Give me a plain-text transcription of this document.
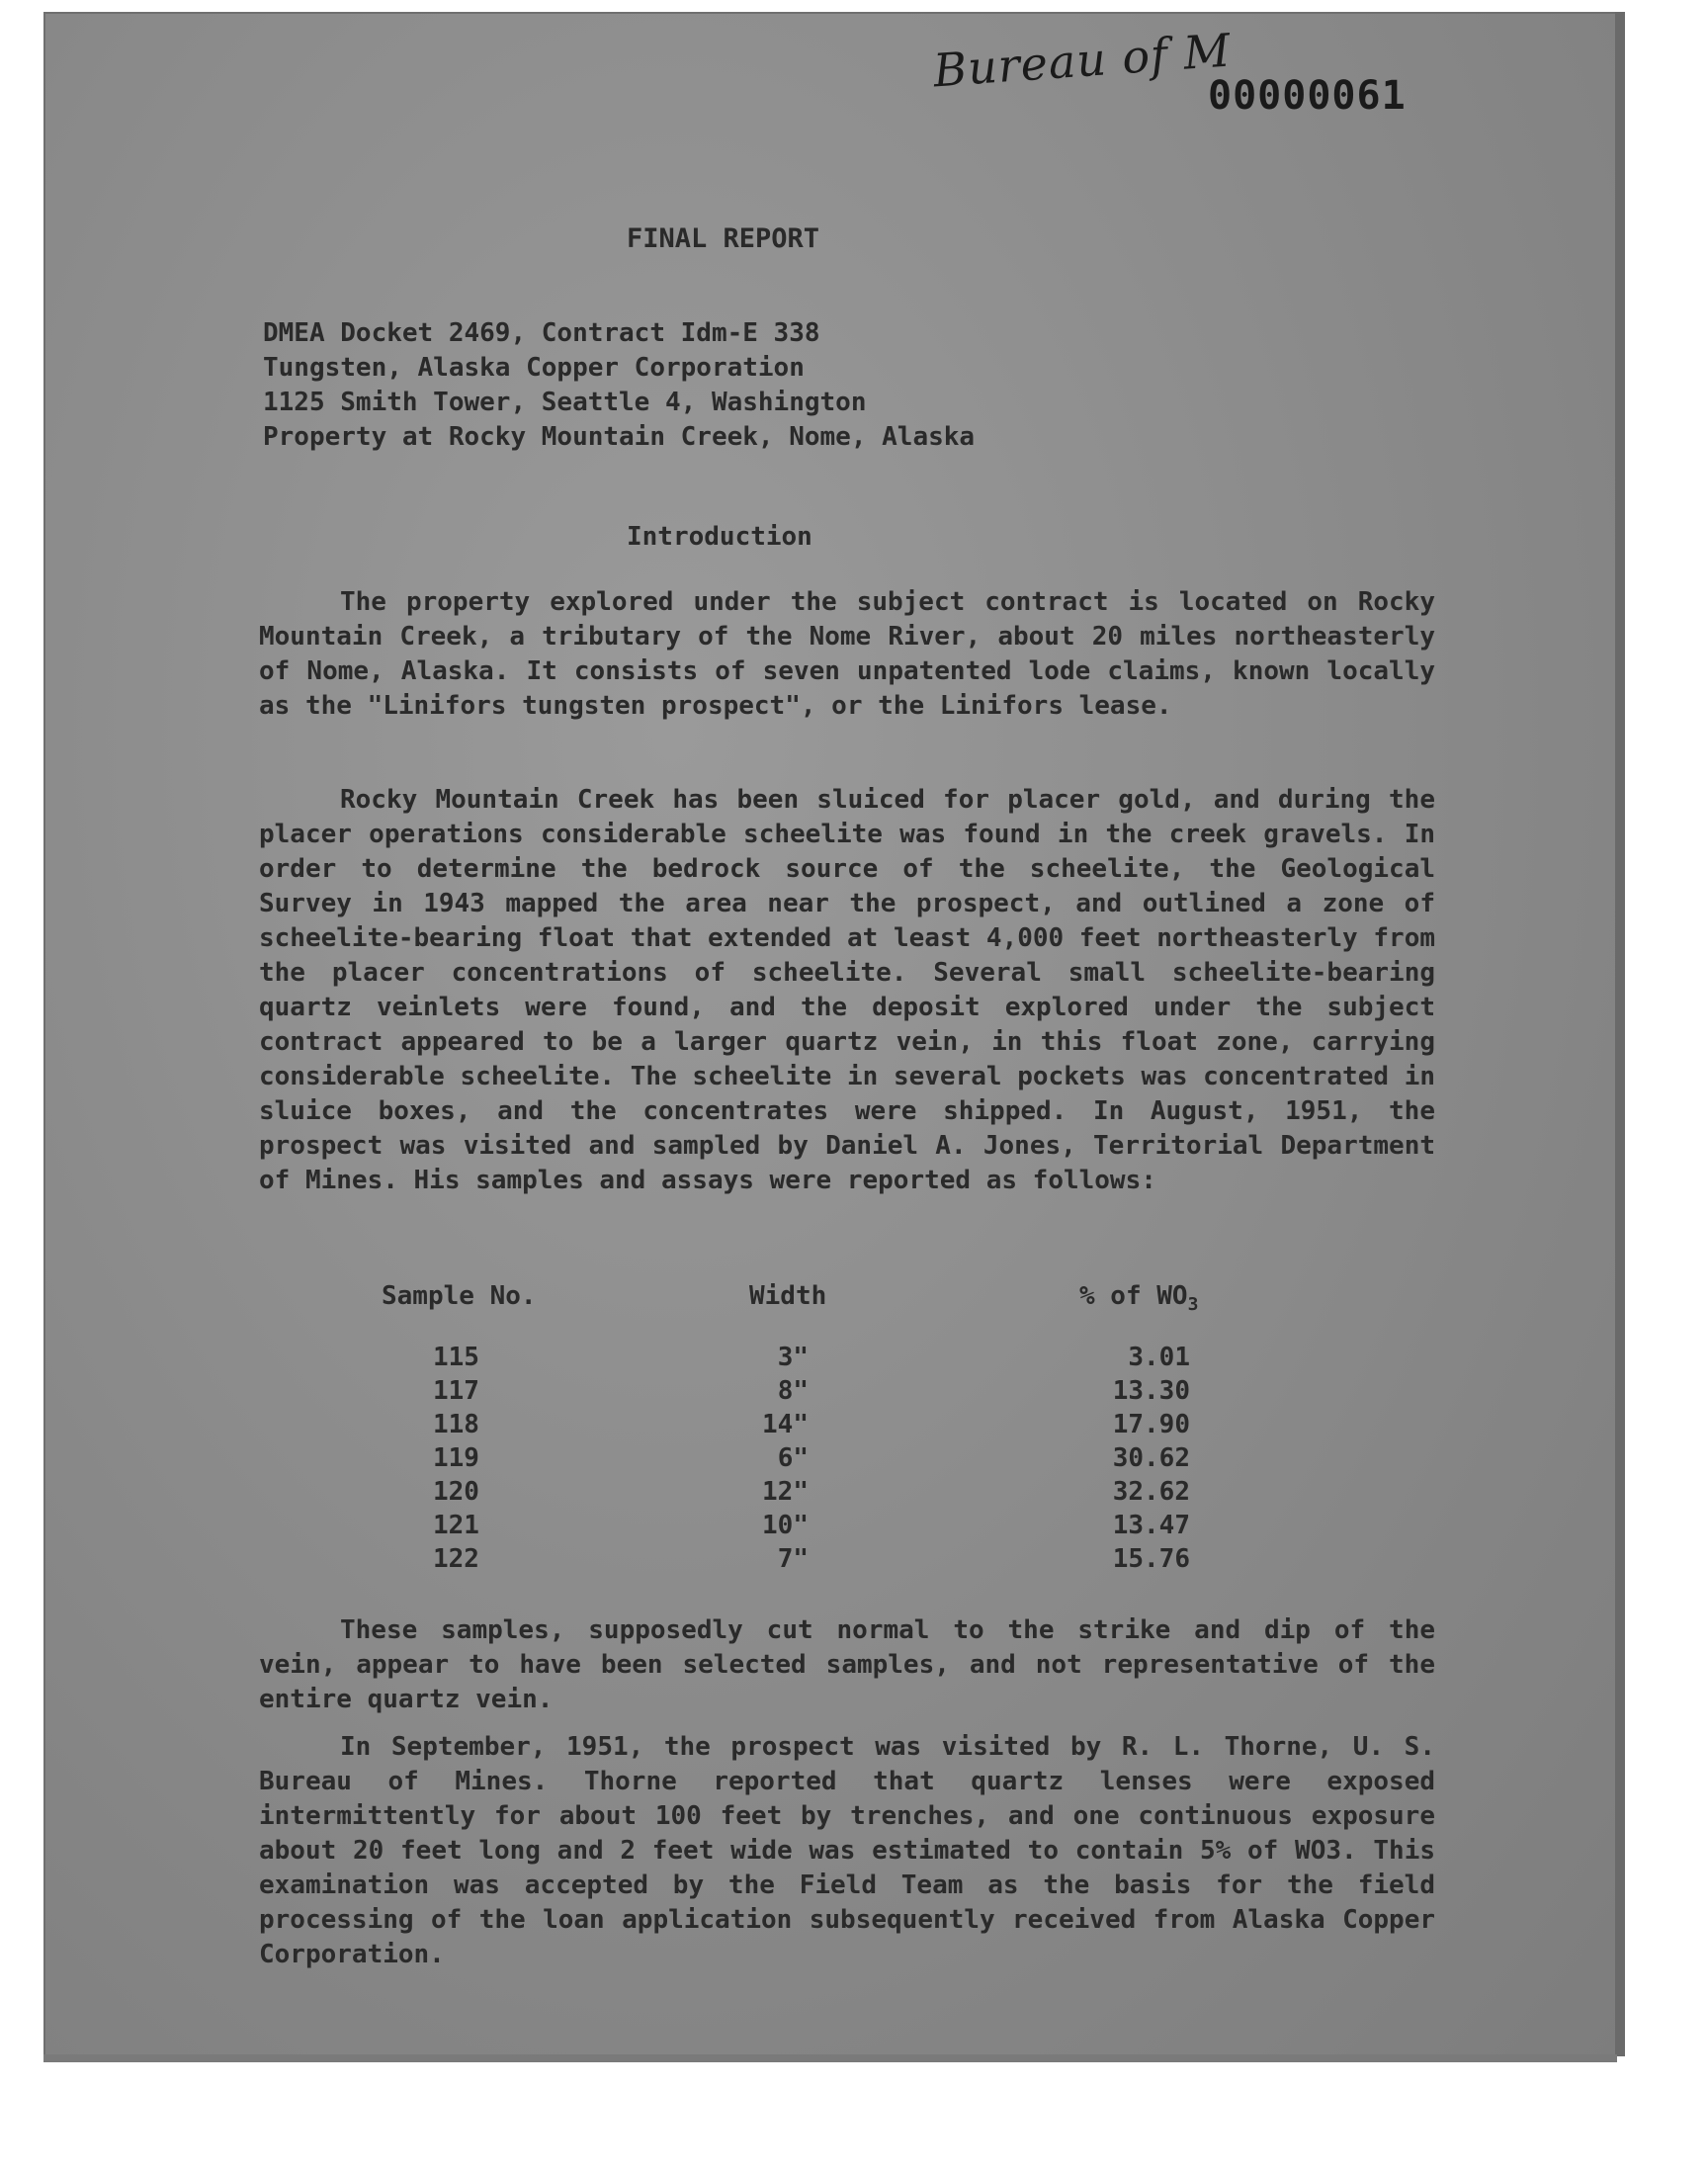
Bureau of M
00000061
FINAL REPORT
DMEA Docket 2469, Contract Idm-E 338
Tungsten, Alaska Copper Corporation
1125 Smith Tower, Seattle 4, Washington
Property at Rocky Mountain Creek, Nome, Alaska
Introduction

The property explored under the subject contract is located on Rocky Mountain Creek, a tributary of the Nome River, about 20 miles northeasterly of Nome, Alaska. It consists of seven unpatented lode claims, known locally as the "Linifors tungsten prospect", or the Linifors lease.

Rocky Mountain Creek has been sluiced for placer gold, and during the placer operations considerable scheelite was found in the creek gravels. In order to determine the bedrock source of the scheelite, the Geological Survey in 1943 mapped the area near the prospect, and outlined a zone of scheelite-bearing float that extended at least 4,000 feet northeasterly from the placer concentrations of scheelite. Several small scheelite-bearing quartz veinlets were found, and the deposit explored under the subject contract appeared to be a larger quartz vein, in this float zone, carrying considerable scheelite. The scheelite in several pockets was concentrated in sluice boxes, and the concentrates were shipped. In August, 1951, the prospect was visited and sampled by Daniel A. Jones, Territorial Department of Mines. His samples and assays were reported as follows:

Sample No.	Width	% of $WO_3$
115	3"	3.01
117	8"	13.30
118	14"	17.90
119	6"	30.62
120	12"	32.62
121	10"	13.47
122	7"	15.76

These samples, supposedly cut normal to the strike and dip of the vein, appear to have been selected samples, and not representative of the entire quartz vein.

In September, 1951, the prospect was visited by R. L. Thorne, U. S. Bureau of Mines. Thorne reported that quartz lenses were exposed intermittently for about 100 feet by trenches, and one continuous exposure about 20 feet long and 2 feet wide was estimated to contain 5% of WO3. This examination was accepted by the Field Team as the basis for the field processing of the loan application subsequently received from Alaska Copper Corporation.
